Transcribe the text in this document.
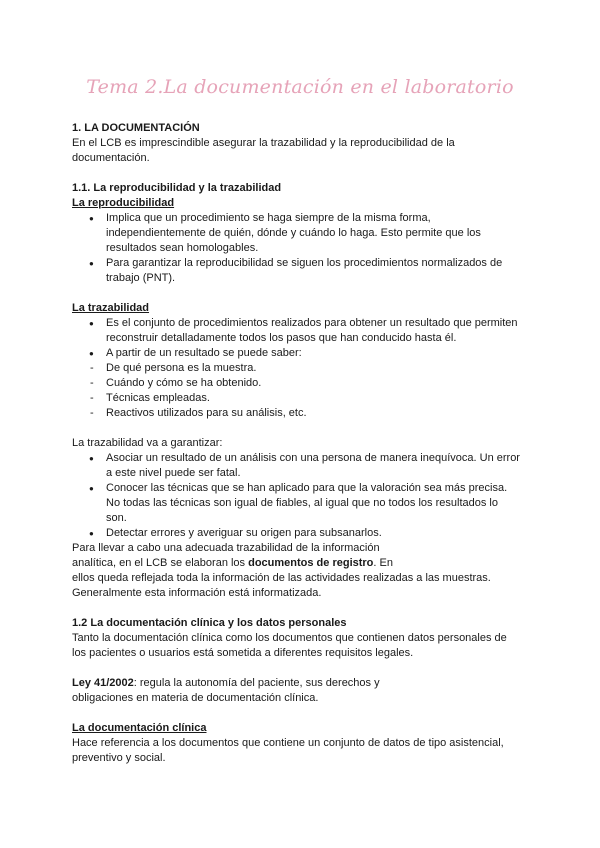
Tema 2.La documentación en el laboratorio

1. LA DOCUMENTACIÓN

En el LCB es imprescindible asegurar la trazabilidad y la reproducibilidad de la

documentación.

1.1. La reproducibilidad y la trazabilidad

La reproducibilidad

● Implica que un procedimiento se haga siempre de la misma forma,

independientemente de quién, dónde y cuándo lo haga. Esto permite que los

resultados sean homologables.

● Para garantizar la reproducibilidad se siguen los procedimientos normalizados de

trabajo (PNT).

La trazabilidad

● Es el conjunto de procedimientos realizados para obtener un resultado que permiten

reconstruir detalladamente todos los pasos que han conducido hasta él.

● A partir de un resultado se puede saber:

- De qué persona es la muestra.
- Cuándo y cómo se ha obtenido.
- Técnicas empleadas.
- Reactivos utilizados para su análisis, etc.

La trazabilidad va a garantizar:

● Asociar un resultado de un análisis con una persona de manera inequívoca. Un error

a este nivel puede ser fatal.

● Conocer las técnicas que se han aplicado para que la valoración sea más precisa.

No todas las técnicas son igual de fiables, al igual que no todos los resultados lo

son.

● Detectar errores y averiguar su origen para subsanarlos.

Para llevar a cabo una adecuada trazabilidad de la información

analítica, en el LCB se elaboran los documentos de registro. En

ellos queda reflejada toda la información de las actividades realizadas a las muestras.

Generalmente esta información está informatizada.

1.2 La documentación clínica y los datos personales

Tanto la documentación clínica como los documentos que contienen datos personales de

los pacientes o usuarios está sometida a diferentes requisitos legales.

Ley 41/2002: regula la autonomía del paciente, sus derechos y

obligaciones en materia de documentación clínica.

La documentación clínica

Hace referencia a los documentos que contiene un conjunto de datos de tipo asistencial,

preventivo y social.
